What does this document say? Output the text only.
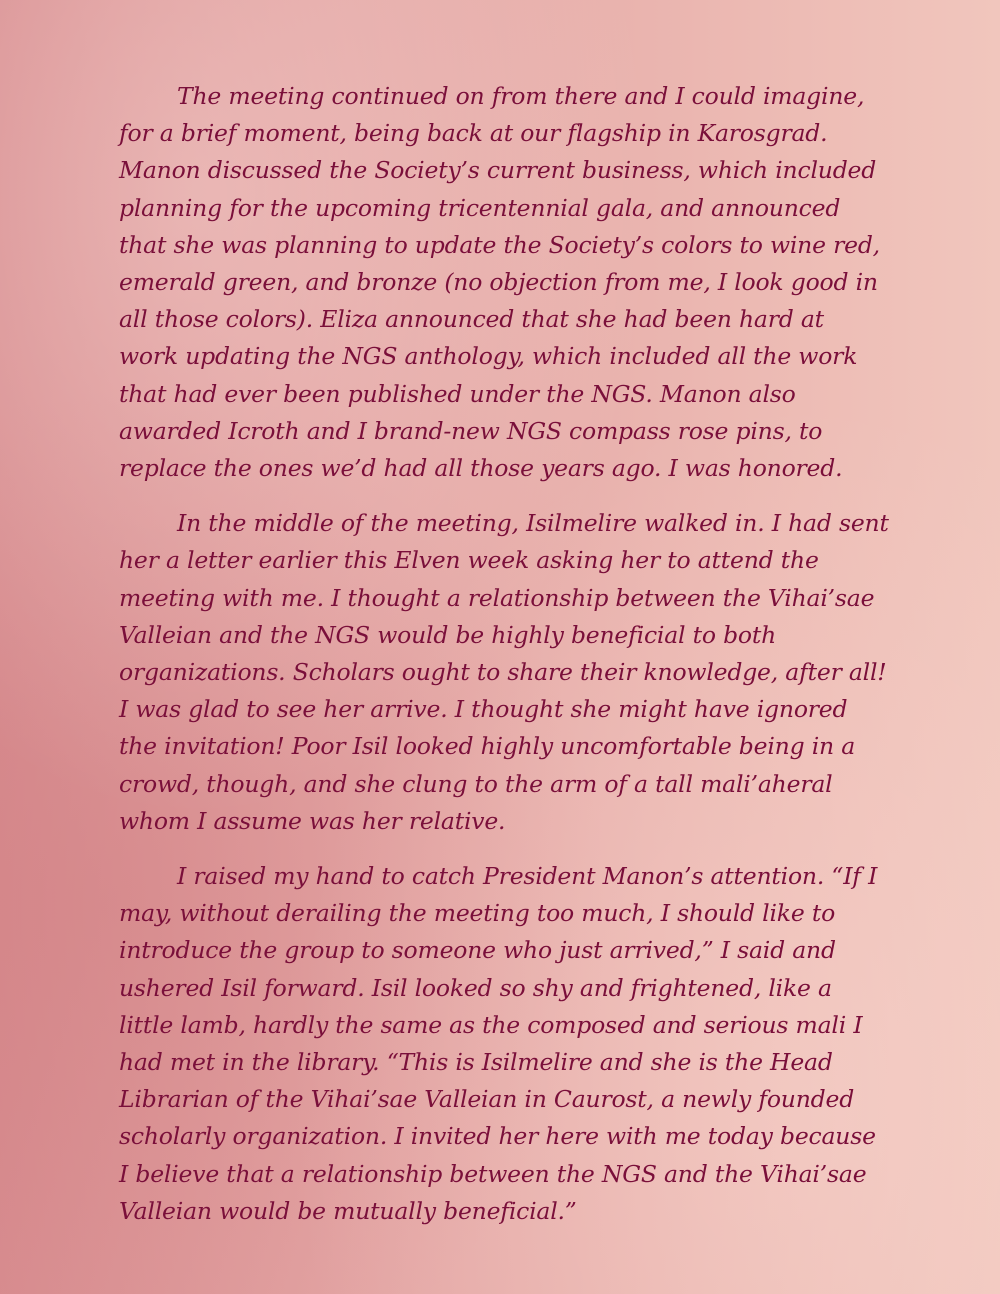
The meeting continued on from there and I could imagine, for a brief moment, being back at our flagship in Karosgrad. Manon discussed the Society’s current business, which included planning for the upcoming tricentennial gala, and announced that she was planning to update the Society’s colors to wine red, emerald green, and bronze (no objection from me, I look good in all those colors). Eliza announced that she had been hard at work updating the NGS anthology, which included all the work that had ever been published under the NGS. Manon also awarded Icroth and I brand-new NGS compass rose pins, to replace the ones we’d had all those years ago. I was honored.

In the middle of the meeting, Isilmelire walked in. I had sent her a letter earlier this Elven week asking her to attend the meeting with me. I thought a relationship between the Vihai’sae Valleian and the NGS would be highly beneficial to both organizations. Scholars ought to share their knowledge, after all! I was glad to see her arrive. I thought she might have ignored the invitation! Poor Isil looked highly uncomfortable being in a crowd, though, and she clung to the arm of a tall mali’aheral whom I assume was her relative.

I raised my hand to catch President Manon’s attention. “If I may, without derailing the meeting too much, I should like to introduce the group to someone who just arrived,” I said and ushered Isil forward. Isil looked so shy and frightened, like a little lamb, hardly the same as the composed and serious mali I had met in the library. “This is Isilmelire and she is the Head Librarian of the Vihai’sae Valleian in Caurost, a newly founded scholarly organization. I invited her here with me today because I believe that a relationship between the NGS and the Vihai’sae Valleian would be mutually beneficial.”
